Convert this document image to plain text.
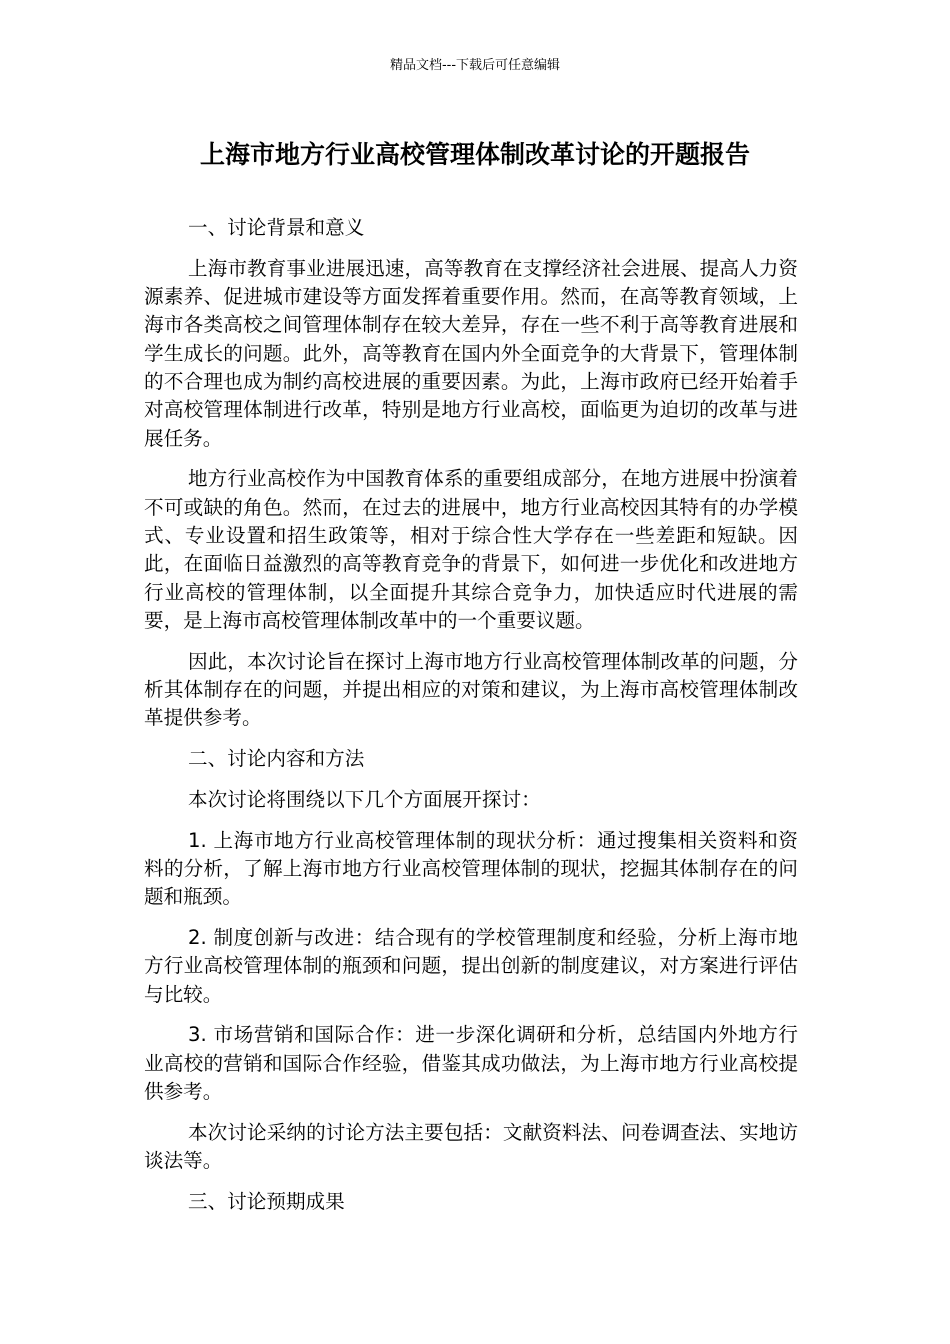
精品文档---下载后可任意编辑
上海市地方行业高校管理体制改革讨论的开题报告

一、讨论背景和意义

上海市教育事业进展迅速，高等教育在支撑经济社会进展、提高人力资源素养、促进城市建设等方面发挥着重要作用。然而，在高等教育领域，上海市各类高校之间管理体制存在较大差异，存在一些不利于高等教育进展和学生成长的问题。此外，高等教育在国内外全面竞争的大背景下，管理体制的不合理也成为制约高校进展的重要因素。为此，上海市政府已经开始着手对高校管理体制进行改革，特别是地方行业高校，面临更为迫切的改革与进展任务。

地方行业高校作为中国教育体系的重要组成部分，在地方进展中扮演着不可或缺的角色。然而，在过去的进展中，地方行业高校因其特有的办学模式、专业设置和招生政策等，相对于综合性大学存在一些差距和短缺。因此，在面临日益激烈的高等教育竞争的背景下，如何进一步优化和改进地方行业高校的管理体制，以全面提升其综合竞争力，加快适应时代进展的需要，是上海市高校管理体制改革中的一个重要议题。

因此，本次讨论旨在探讨上海市地方行业高校管理体制改革的问题，分析其体制存在的问题，并提出相应的对策和建议，为上海市高校管理体制改革提供参考。

二、讨论内容和方法

本次讨论将围绕以下几个方面展开探讨：

1. 上海市地方行业高校管理体制的现状分析：通过搜集相关资料和资料的分析，了解上海市地方行业高校管理体制的现状，挖掘其体制存在的问题和瓶颈。

2. 制度创新与改进：结合现有的学校管理制度和经验，分析上海市地方行业高校管理体制的瓶颈和问题，提出创新的制度建议，对方案进行评估与比较。

3. 市场营销和国际合作：进一步深化调研和分析，总结国内外地方行业高校的营销和国际合作经验，借鉴其成功做法，为上海市地方行业高校提供参考。

本次讨论采纳的讨论方法主要包括：文献资料法、问卷调查法、实地访谈法等。

三、讨论预期成果
